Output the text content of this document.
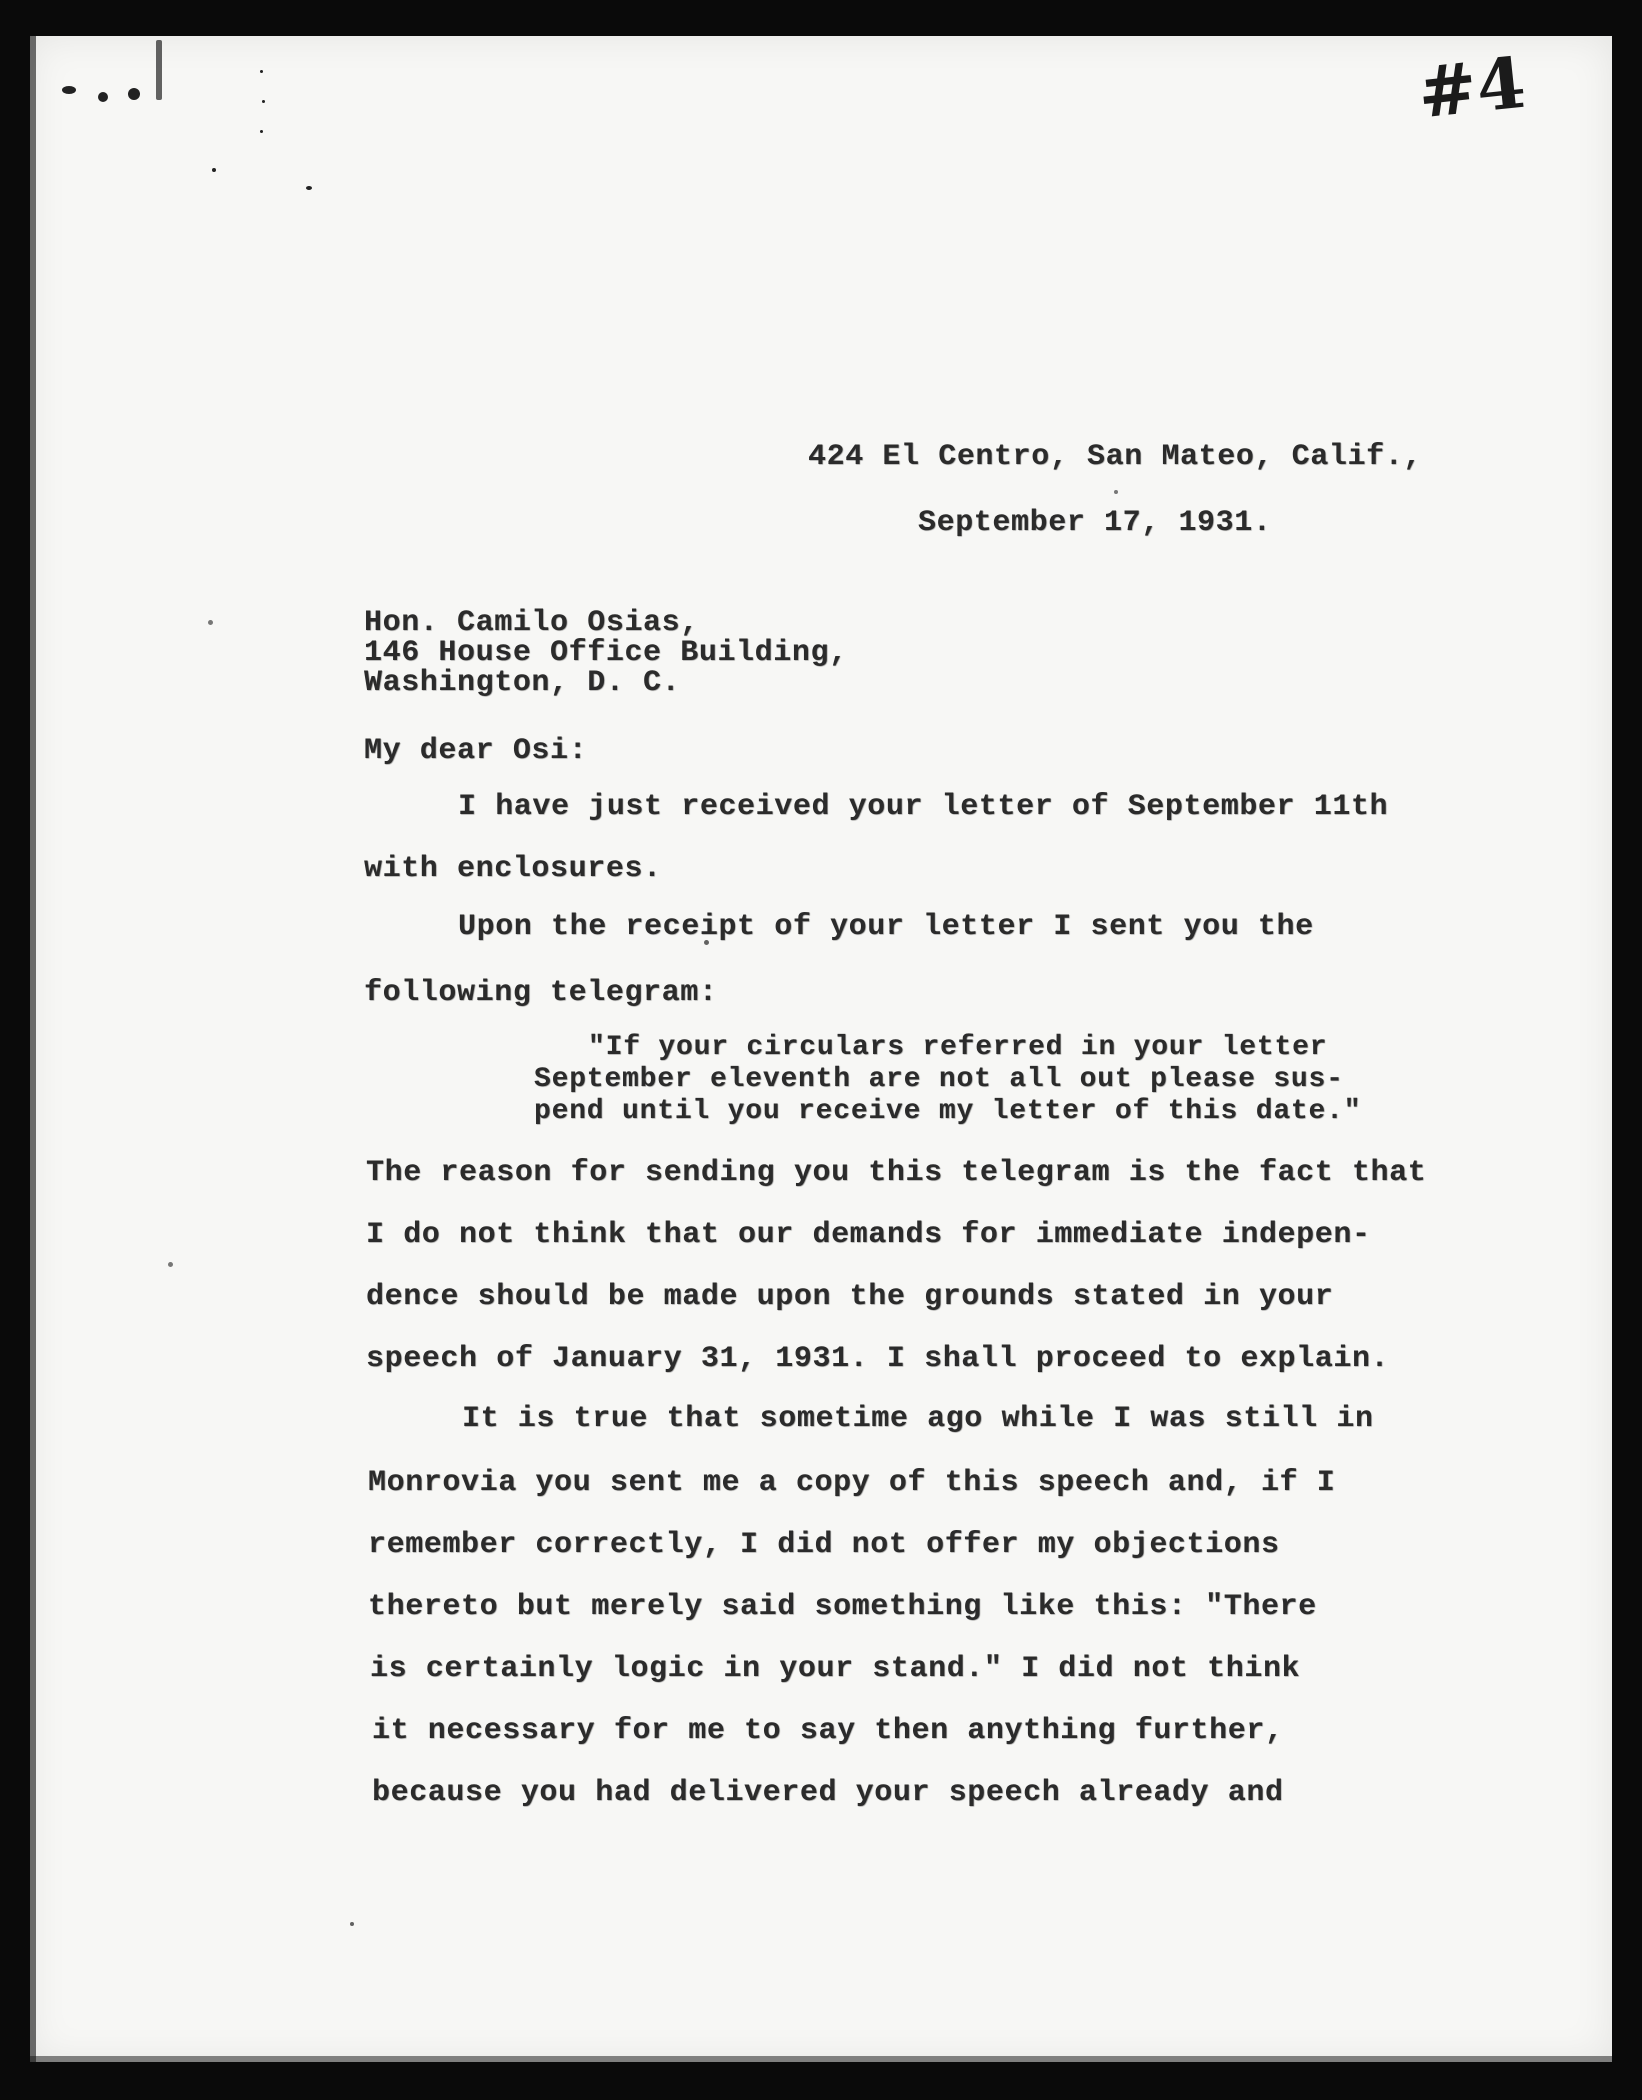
#4
424 El Centro, San Mateo, Calif.,
September 17, 1931.
Hon. Camilo Osias,
146 House Office Building,
Washington, D. C.
My dear Osi:
I have just received your letter of September 11th
with enclosures.
Upon the receipt of your letter I sent you the
following telegram:
"If your circulars referred in your letter
September eleventh are not all out please sus-
pend until you receive my letter of this date."
The reason for sending you this telegram is the fact that
I do not think that our demands for immediate indepen-
dence should be made upon the grounds stated in your
speech of January 31, 1931. I shall proceed to explain.
It is true that sometime ago while I was still in
Monrovia you sent me a copy of this speech and, if I
remember correctly, I did not offer my objections
thereto but merely said something like this: "There
is certainly logic in your stand." I did not think
it necessary for me to say then anything further,
because you had delivered your speech already and
